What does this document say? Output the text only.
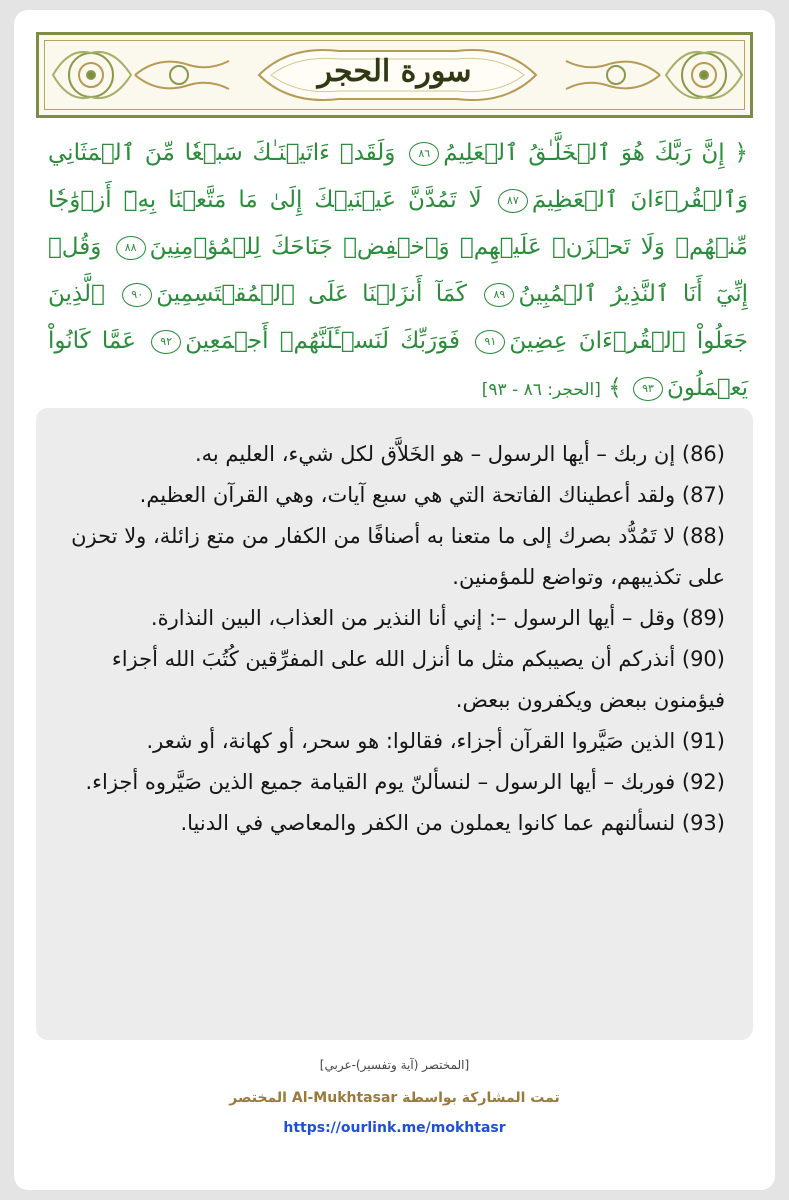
سورة الحجر
﴿ إِنَّ رَبَّكَ هُوَ ٱلۡخَلَّـٰقُ ٱلۡعَلِيمُ٨٦ وَلَقَدۡ ءَاتَيۡنَـٰكَ سَبۡعٗا مِّنَ ٱلۡمَثَانِي وَٱلۡقُرۡءَانَ ٱلۡعَظِيمَ٨٧ لَا تَمُدَّنَّ عَيۡنَيۡكَ إِلَىٰ مَا مَتَّعۡنَا بِهِۦٓ أَزۡوَٰجٗا مِّنۡهُمۡ وَلَا تَحۡزَنۡ عَلَيۡهِمۡ وَٱخۡفِضۡ جَنَاحَكَ لِلۡمُؤۡمِنِينَ٨٨ وَقُلۡ إِنِّيٓ أَنَا ٱلنَّذِيرُ ٱلۡمُبِينُ٨٩ كَمَآ أَنزَلۡنَا عَلَى ٱلۡمُقۡتَسِمِينَ٩٠ ٱلَّذِينَ جَعَلُواْ ٱلۡقُرۡءَانَ عِضِينَ٩١ فَوَرَبِّكَ لَنَسۡـَٔلَنَّهُمۡ أَجۡمَعِينَ٩٢ عَمَّا كَانُواْ يَعۡمَلُونَ٩٣ ﴾ [الحجر: ٨٦ - ٩٣]
(86) إن ربك – أيها الرسول – هو الخَلاَّق لكل شيء، العليم به.
(87) ولقد أعطيناك الفاتحة التي هي سبع آيات، وهي القرآن العظيم.
(88) لا تَمُدُّد بصرك إلى ما متعنا به أصنافًا من الكفار من متع زائلة، ولا تحزن
على تكذيبهم، وتواضع للمؤمنين.
(89) وقل – أيها الرسول –: إني أنا النذير من العذاب، البين النذارة.
(90) أنذركم أن يصيبكم مثل ما أنزل الله على المفرِّقين كُتُبَ الله أجزاء
فيؤمنون ببعض ويكفرون ببعض.
(91) الذين صَيَّروا القرآن أجزاء، فقالوا: هو سحر، أو كهانة، أو شعر.
(92) فوربك – أيها الرسول – لنسألنّ يوم القيامة جميع الذين صَيَّروه أجزاء.
(93) لنسألنهم عما كانوا يعملون من الكفر والمعاصي في الدنيا.
[المختصر (آية وتفسير)-عربي]
تمت المشاركة بواسطة Al-Mukhtasar المختصر
https://ourlink.me/mokhtasr
